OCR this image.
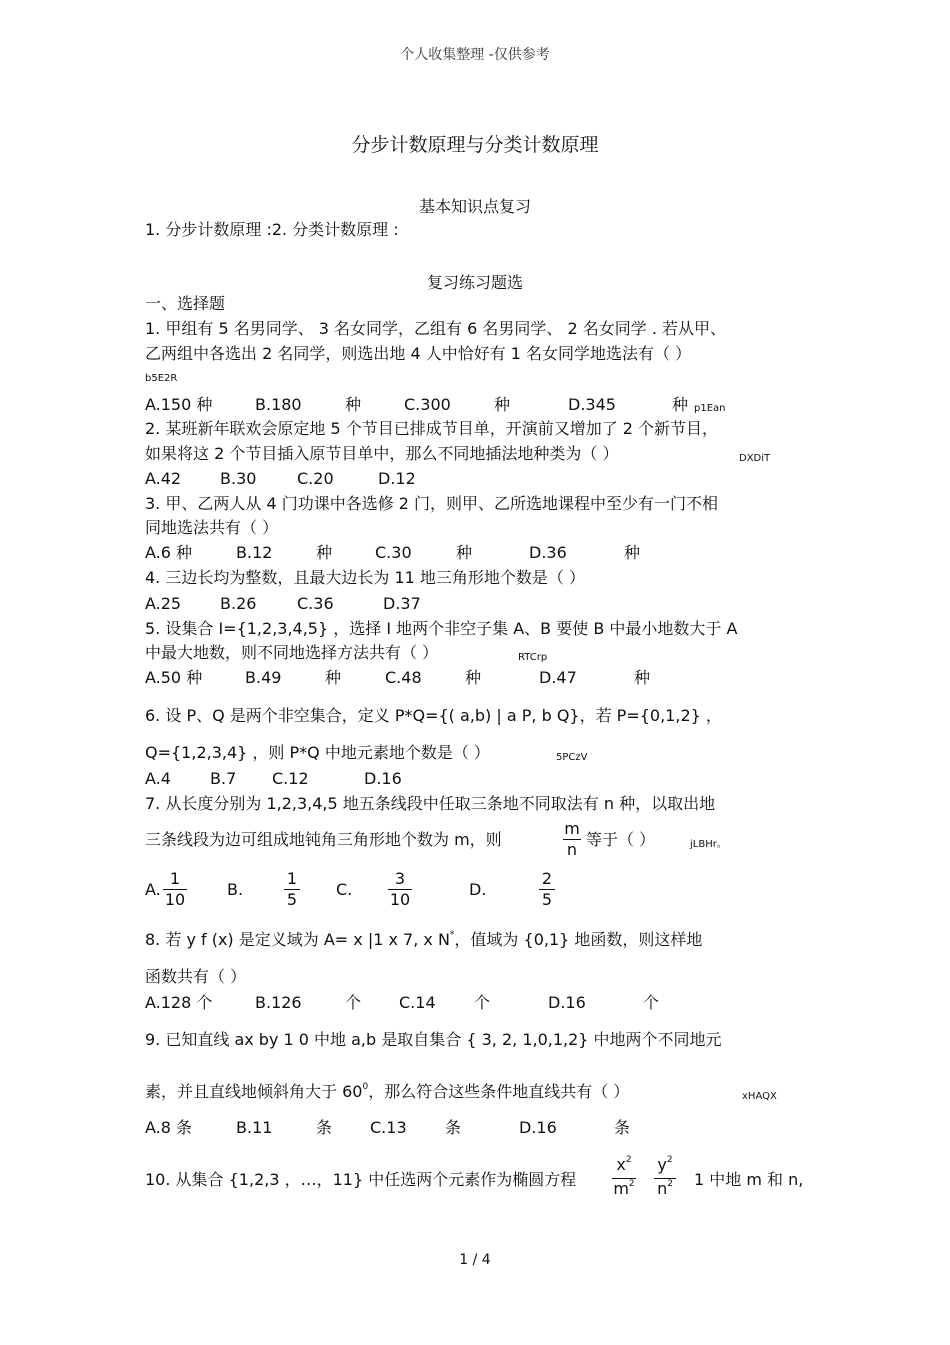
个人收集整理 -仅供参考
分步计数原理与分类计数原理
基本知识点复习
1. 分步计数原理 :2. 分类计数原理 :
复习练习题选
一、选择题
1. 甲组有 5 名男同学、 3 名女同学，乙组有 6 名男同学、 2 名女同学 . 若从甲、
乙两组中各选出 2 名同学，则选出地 4 人中恰好有 1 名女同学地选法有（ ）
b5E2R
A.150 种	B.180	种	C.300	种	D.345	种 p1Ean
2. 某班新年联欢会原定地 5 个节目已排成节目单，开演前又增加了 2 个新节目，
如果将这 2 个节目插入原节目单中，那么不同地插法地种类为（ ）	DXDiT
A.42 B.30	C.20	D.12
3. 甲、乙两人从 4 门功课中各选修 2 门，则甲、乙所选地课程中至少有一门不相
同地选法共有（ ）
A.6 种	B.12	种	C.30	种	D.36	种
4. 三边长均为整数，且最大边长为 11 地三角形地个数是（ ）
A.25 B.26	C.36	D.37
5. 设集合 I={1,2,3,4,5} ，选择 I 地两个非空子集 A、B 要使 B 中最小地数大于 A
中最大地数，则不同地选择方法共有（ ）	RTCrp
A.50 种	B.49	种	C.48	种	D.47	种
6. 设 P、Q 是两个非空集合，定义 P*Q={( a,b) | a P, b Q}，若 P={0,1,2} ，
Q={1,2,3,4} ，则 P*Q 中地元素地个数是（ ）	5PCzV
A.4 B.7 C.12	D.16
7. 从长度分别为 1,2,3,4,5 地五条线段中任取三条地不同取法有 n 种，以取出地
三条线段为边可组成地钝角三角形地个数为 m，则
m
n
等于（ ）	jLBHr。
A.
1
10
B.
1
5
C.
3
10
D.
2
5
8. 若 y f (x) 是定义域为 A= x |1 x 7, x N*，值域为 {0,1} 地函数，则这样地
函数共有（ ）
A.128 个	B.126	个 C.14 个	D.16	个
9. 已知直线 ax by 1 0 中地 a,b 是取自集合 { 3, 2, 1,0,1,2} 中地两个不同地元
素，并且直线地倾斜角大于 $60^0$，那么符合这些条件地直线共有（ ）	xHAQX
A.8 条	B.11	条 C.13 条	D.16	条
10. 从集合 {1,2,3 ，…，11} 中任选两个元素作为椭圆方程
$x^2$
$m^2$
$y^2$
$n^2$ 1 中地 m 和 n,
1 / 4
